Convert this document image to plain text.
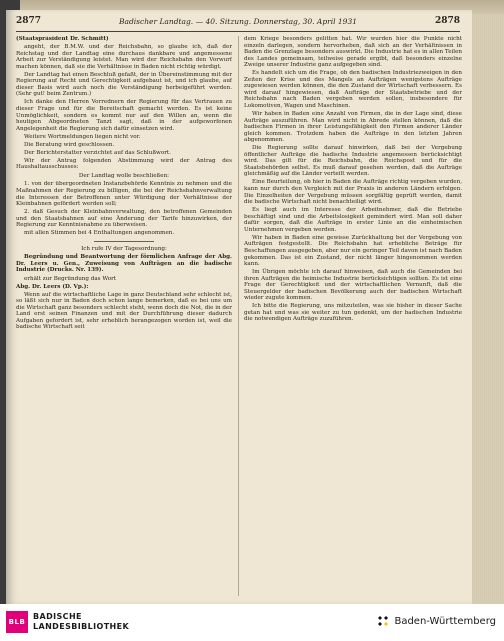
2877	Badischer Landtag. — 40. Sitzung. Donnerstag, 30. April 1931	2878

(Staatspräsident Dr. Schmitt)

angeht, der B.M.W. und der Reichsbahn, so glaube ich, daß der Reichstag und der Landtag eine durchaus dankbare und angemessene Arbeit zur Verständigung leistet. Man wird der Reichsbahn den Vorwurf machen können, daß sie die Verhältnisse in Baden nicht richtig würdigt.

Der Landtag hat einen Beschluß gefaßt, der in Übereinstimmung mit der Regierung auf Recht und Gerechtigkeit aufgebaut ist, und ich glaube, auf dieser Basis wird auch noch die Verständigung herbeigeführt werden. (Sehr gut! beim Zentrum.)

Ich danke den Herren Vorrednern der Regierung für das Vertrauen zu dieser Frage und für die Bereitschaft gemacht werden. Es ist keine Unmöglichkeit, sondern es kommt nur auf den Willen an, wenn die heutigen Abgeordneten Tanzt sagt, daß in der aufgeworfenen Angelegenheit die Regierung sich dafür einsetzen wird.

Weitere Wortmeldungen liegen nicht vor.

Die Beratung wird geschlossen.

Der Berichterstatter verzichtet auf das Schlußwort.

Wir der Antrag folgenden Abstimmung wird der Antrag des Haushaltausschusses:

Der Landtag wolle beschließen:

1. von der übergeordneten Instanzbehörde Kenntnis zu nehmen und die Maßnahmen der Regierung zu billigen, die bei der Reichsbahnverwaltung die Interessen der Betroffenen unter Würdigung der Verhältnisse der Kleinbahnen gefördert werden soll;

2. daß Gesuch der Kleinbahnverwaltung, den betroffenen Gemeinden und den Staatsbahnen auf eine Änderung der Tarife hinzuwirken, der Regierung zur Kenntnisnahme zu überweisen.

mit allen Stimmen bei 4 Enthaltungen angenommen.

Ich rufe IV der Tagesordnung:

Begründung und Beantwortung der förmlichen Anfrage der Abg. Dr. Leers u. Gen., Zuweisung von Aufträgen an die badische Industrie (Drucks. Nr. 139).

erhält zur Begründung das Wort

Abg. Dr. Leers (D. Vp.):

Wenn auf die wirtschaftliche Lage in ganz Deutschland sehr schlecht ist, so läßt sich nur in Baden doch schon lange bemerken, daß es bei uns um die Wirtschaft ganz besonders schlecht steht, wenn doch die Not, die in der Land erst seinen Finanzen und mit der Durchführung dieser dadurch Aufgaben gefordert ist, sehr erheblich herangezogen worden ist, weil die badische Wirtschaft seit

dem Kriege besonders gelitten hat. Wir wurden hier die Punkte nicht einzeln darlegen, sondern hervorheben, daß sich an der Verhältnissen in Baden die Grenzlage besonders auswirkt. Die Industrie hat es in allen Teilen des Landes gemeinsam, teilweise gerade ergibt, daß besonders einzelne Zweige unserer Industrie ganz aufgegeben sind.

Es handelt sich um die Frage, ob den badischen Industriezweigen in den Zeiten der Krise und des Mangels an Aufträgen wenigstens Aufträge zugewiesen werden können, die den Zustand der Wirtschaft verbessern. Es wird darauf hingewiesen, daß Aufträge der Staatsbetriebe und der Reichsbahn nach Baden vergeben werden sollen, insbesondere für Lokomotiven, Wagen und Maschinen.

Wir haben in Baden eine Anzahl von Firmen, die in der Lage sind, diese Aufträge auszuführen. Man wird nicht in Abrede stellen können, daß die badischen Firmen in ihrer Leistungsfähigkeit den Firmen anderer Länder gleich kommen. Trotzdem haben die Aufträge in den letzten Jahren abgenommen.

Die Regierung sollte darauf hinwirken, daß bei der Vergebung öffentlicher Aufträge die badische Industrie angemessen berücksichtigt wird. Das gilt für die Reichsbahn, die Reichspost und für die Staatsbehörden selbst. Es muß darauf gesehen werden, daß die Aufträge gleichmäßig auf die Länder verteilt werden.

Eine Beurteilung, ob hier in Baden die Aufträge richtig vergeben wurden, kann nur durch den Vergleich mit der Praxis in anderen Ländern erfolgen. Die Einzelheiten der Vergebung müssen sorgfältig geprüft werden, damit die badische Wirtschaft nicht benachteiligt wird.

Es liegt auch im Interesse der Arbeitnehmer, daß die Betriebe beschäftigt sind und die Arbeitslosigkeit gemindert wird. Man soll daher dafür sorgen, daß die Aufträge in erster Linie an die einheimischen Unternehmen vergeben werden.

Wir haben in Baden eine gewisse Zurückhaltung bei der Vergebung von Aufträgen festgestellt. Die Reichsbahn hat erhebliche Beträge für Beschaffungen ausgegeben, aber nur ein geringer Teil davon ist nach Baden gekommen. Das ist ein Zustand, der nicht länger hingenommen werden kann.

Im Übrigen möchte ich darauf hinweisen, daß auch die Gemeinden bei ihren Aufträgen die heimische Industrie berücksichtigen sollten. Es ist eine Frage der Gerechtigkeit und der wirtschaftlichen Vernunft, daß die Steuergelder der badischen Bevölkerung auch der badischen Wirtschaft wieder zugute kommen.

Ich bitte die Regierung, uns mitzuteilen, was sie bisher in dieser Sache getan hat und was sie weiter zu tun gedenkt, um der badischen Industrie die notwendigen Aufträge zuzuführen.

BLB
BADISCHE
LANDESBIBLIOTHEK	Baden-Württemberg
